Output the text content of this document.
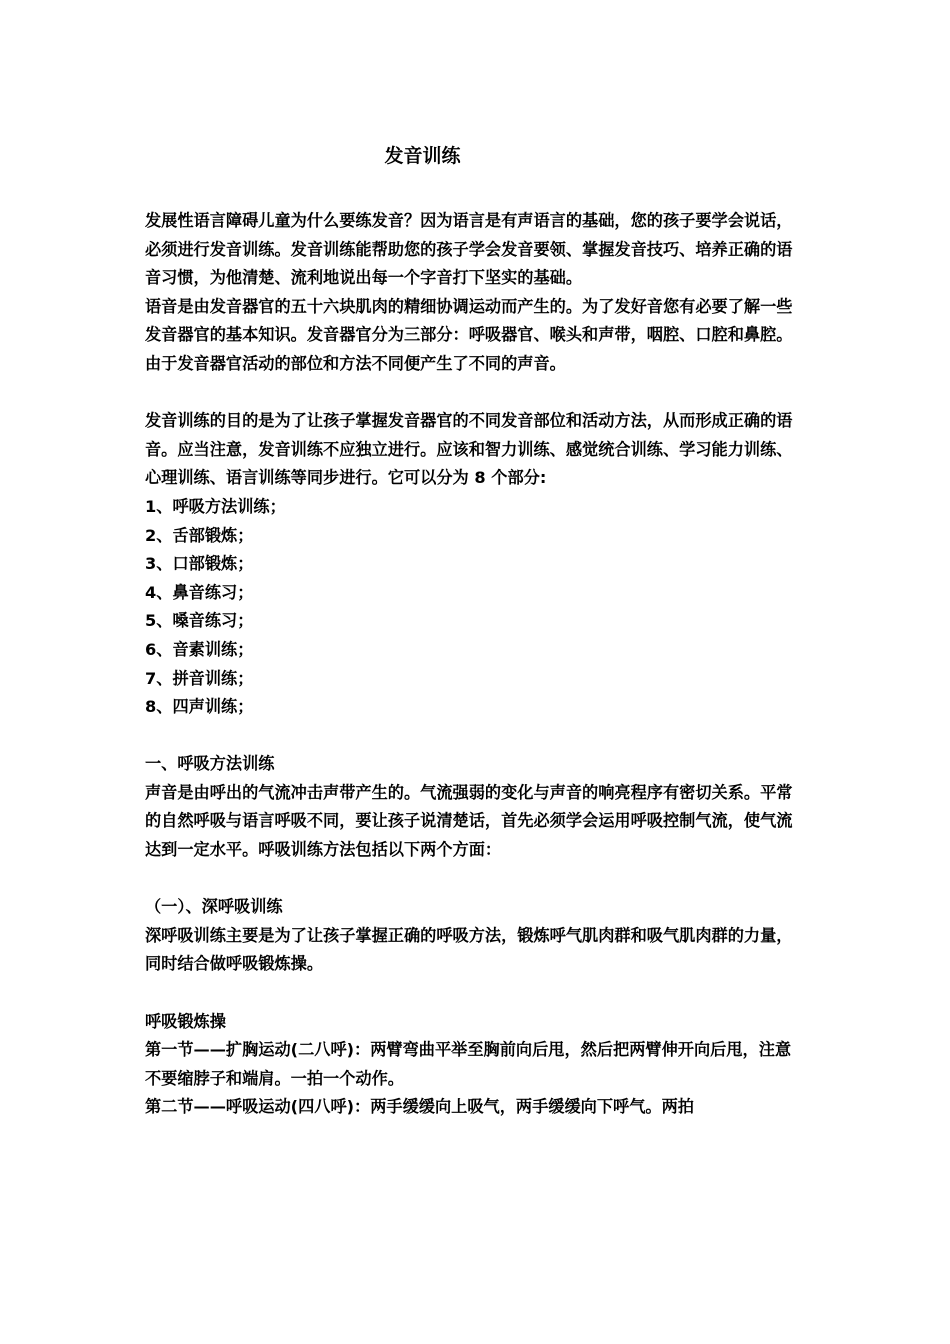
发音训练

发展性语言障碍儿童为什么要练发音？因为语言是有声语言的基础，您的孩子要学会说话，必须进行发音训练。发音训练能帮助您的孩子学会发音要领、掌握发音技巧、培养正确的语音习惯，为他清楚、流利地说出每一个字音打下坚实的基础。

语音是由发音器官的五十六块肌肉的精细协调运动而产生的。为了发好音您有必要了解一些发音器官的基本知识。发音器官分为三部分：呼吸器官、喉头和声带，咽腔、口腔和鼻腔。由于发音器官活动的部位和方法不同便产生了不同的声音。

发音训练的目的是为了让孩子掌握发音器官的不同发音部位和活动方法，从而形成正确的语音。应当注意，发音训练不应独立进行。应该和智力训练、感觉统合训练、学习能力训练、心理训练、语言训练等同步进行。它可以分为 8 个部分:

1、呼吸方法训练；

2、舌部锻炼；

3、口部锻炼；

4、鼻音练习；

5、嗓音练习；

6、音素训练；

7、拼音训练；

8、四声训练；

一、呼吸方法训练

声音是由呼出的气流冲击声带产生的。气流强弱的变化与声音的响亮程序有密切关系。平常的自然呼吸与语言呼吸不同，要让孩子说清楚话，首先必须学会运用呼吸控制气流，使气流达到一定水平。呼吸训练方法包括以下两个方面：

（一）、深呼吸训练

深呼吸训练主要是为了让孩子掌握正确的呼吸方法，锻炼呼气肌肉群和吸气肌肉群的力量，同时结合做呼吸锻炼操。

呼吸锻炼操

第一节——扩胸运动(二八呼)：两臂弯曲平举至胸前向后甩，然后把两臂伸开向后甩，注意不要缩脖子和端肩。一拍一个动作。

第二节——呼吸运动(四八呼)：两手缓缓向上吸气，两手缓缓向下呼气。两拍
